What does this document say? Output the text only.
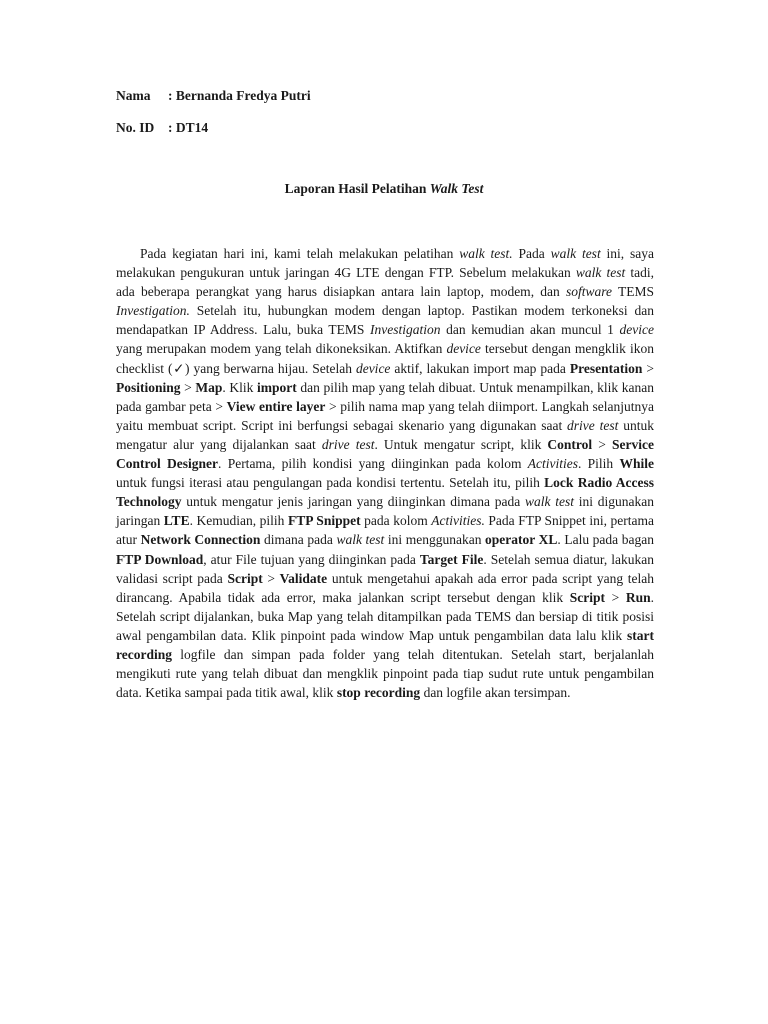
Nama : Bernanda Fredya Putri
No. ID : DT14
Laporan Hasil Pelatihan Walk Test

Pada kegiatan hari ini, kami telah melakukan pelatihan walk test. Pada walk test ini, saya melakukan pengukuran untuk jaringan 4G LTE dengan FTP. Sebelum melakukan walk test tadi, ada beberapa perangkat yang harus disiapkan antara lain laptop, modem, dan software TEMS Investigation. Setelah itu, hubungkan modem dengan laptop. Pastikan modem terkoneksi dan mendapatkan IP Address. Lalu, buka TEMS Investigation dan kemudian akan muncul 1 device yang merupakan modem yang telah dikoneksikan. Aktifkan device tersebut dengan mengklik ikon checklist (✓) yang berwarna hijau. Setelah device aktif, lakukan import map pada Presentation > Positioning > Map. Klik import dan pilih map yang telah dibuat. Untuk menampilkan, klik kanan pada gambar peta > View entire layer > pilih nama map yang telah diimport. Langkah selanjutnya yaitu membuat script. Script ini berfungsi sebagai skenario yang digunakan saat drive test untuk mengatur alur yang dijalankan saat drive test. Untuk mengatur script, klik Control > Service Control Designer. Pertama, pilih kondisi yang diinginkan pada kolom Activities. Pilih While untuk fungsi iterasi atau pengulangan pada kondisi tertentu. Setelah itu, pilih Lock Radio Access Technology untuk mengatur jenis jaringan yang diinginkan dimana pada walk test ini digunakan jaringan LTE. Kemudian, pilih FTP Snippet pada kolom Activities. Pada FTP Snippet ini, pertama atur Network Connection dimana pada walk test ini menggunakan operator XL. Lalu pada bagan FTP Download, atur File tujuan yang diinginkan pada Target File. Setelah semua diatur, lakukan validasi script pada Script > Validate untuk mengetahui apakah ada error pada script yang telah dirancang. Apabila tidak ada error, maka jalankan script tersebut dengan klik Script > Run. Setelah script dijalankan, buka Map yang telah ditampilkan pada TEMS dan bersiap di titik posisi awal pengambilan data. Klik pinpoint pada window Map untuk pengambilan data lalu klik start recording logfile dan simpan pada folder yang telah ditentukan. Setelah start, berjalanlah mengikuti rute yang telah dibuat dan mengklik pinpoint pada tiap sudut rute untuk pengambilan data. Ketika sampai pada titik awal, klik stop recording dan logfile akan tersimpan.
